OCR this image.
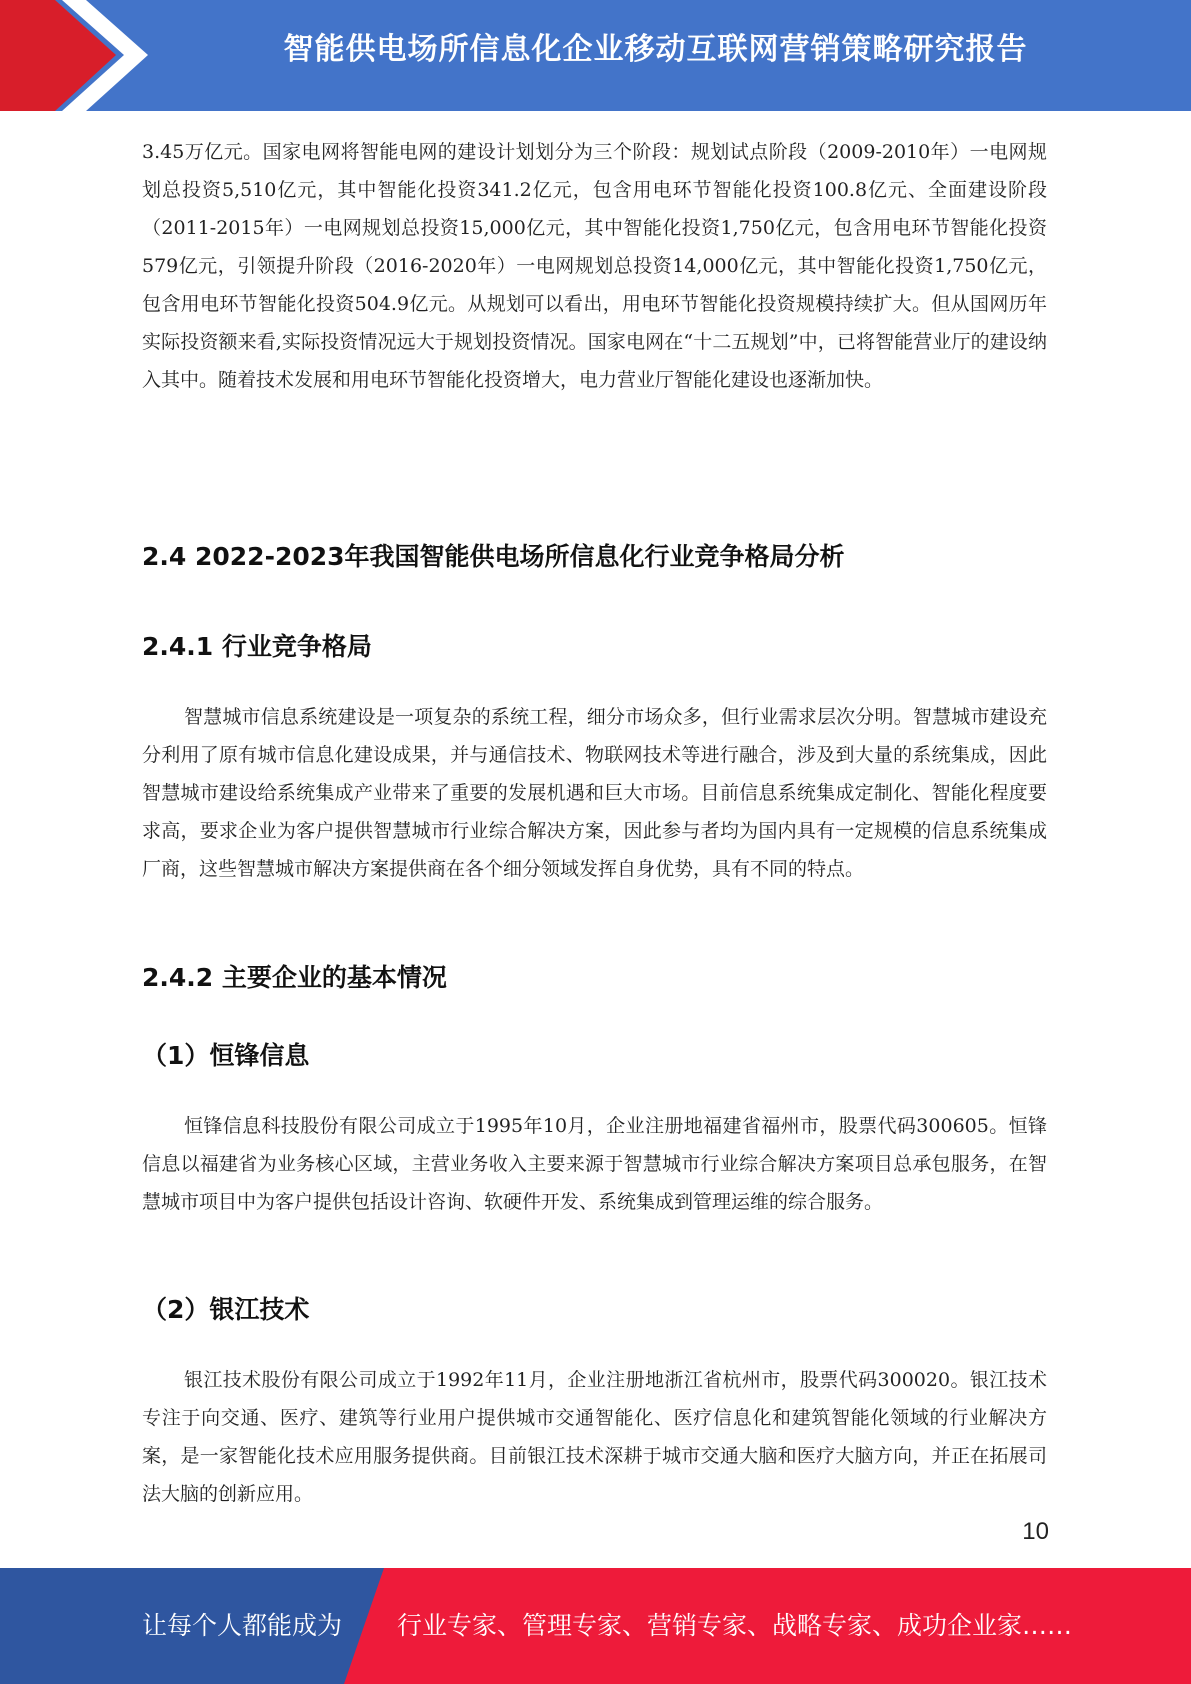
智能供电场所信息化企业移动互联网营销策略研究报告

3.45万亿元。国家电网将智能电网的建设计划划分为三个阶段：规划试点阶段（2009-2010年）一电网规划总投资5,510亿元，其中智能化投资341.2亿元，包含用电环节智能化投资100.8亿元、全面建设阶段（2011-2015年）一电网规划总投资15,000亿元，其中智能化投资1,750亿元，包含用电环节智能化投资579亿元，引领提升阶段（2016-2020年）一电网规划总投资14,000亿元，其中智能化投资1,750亿元，包含用电环节智能化投资504.9亿元。从规划可以看出，用电环节智能化投资规模持续扩大。但从国网历年实际投资额来看,实际投资情况远大于规划投资情况。国家电网在“十二五规划”中，已将智能营业厅的建设纳入其中。随着技术发展和用电环节智能化投资增大，电力营业厅智能化建设也逐渐加快。

2.4 2022-2023年我国智能供电场所信息化行业竞争格局分析
2.4.1 行业竞争格局

智慧城市信息系统建设是一项复杂的系统工程，细分市场众多，但行业需求层次分明。智慧城市建设充分利用了原有城市信息化建设成果，并与通信技术、物联网技术等进行融合，涉及到大量的系统集成，因此智慧城市建设给系统集成产业带来了重要的发展机遇和巨大市场。目前信息系统集成定制化、智能化程度要求高，要求企业为客户提供智慧城市行业综合解决方案，因此参与者均为国内具有一定规模的信息系统集成厂商，这些智慧城市解决方案提供商在各个细分领域发挥自身优势，具有不同的特点。

2.4.2 主要企业的基本情况
（1）恒锋信息

恒锋信息科技股份有限公司成立于1995年10月，企业注册地福建省福州市，股票代码300605。恒锋信息以福建省为业务核心区域，主营业务收入主要来源于智慧城市行业综合解决方案项目总承包服务，在智慧城市项目中为客户提供包括设计咨询、软硬件开发、系统集成到管理运维的综合服务。

（2）银江技术

银江技术股份有限公司成立于1992年11月，企业注册地浙江省杭州市，股票代码300020。银江技术专注于向交通、医疗、建筑等行业用户提供城市交通智能化、医疗信息化和建筑智能化领域的行业解决方案，是一家智能化技术应用服务提供商。目前银江技术深耕于城市交通大脑和医疗大脑方向，并正在拓展司法大脑的创新应用。

10
让每个人都能成为 行业专家、管理专家、营销专家、战略专家、成功企业家……
